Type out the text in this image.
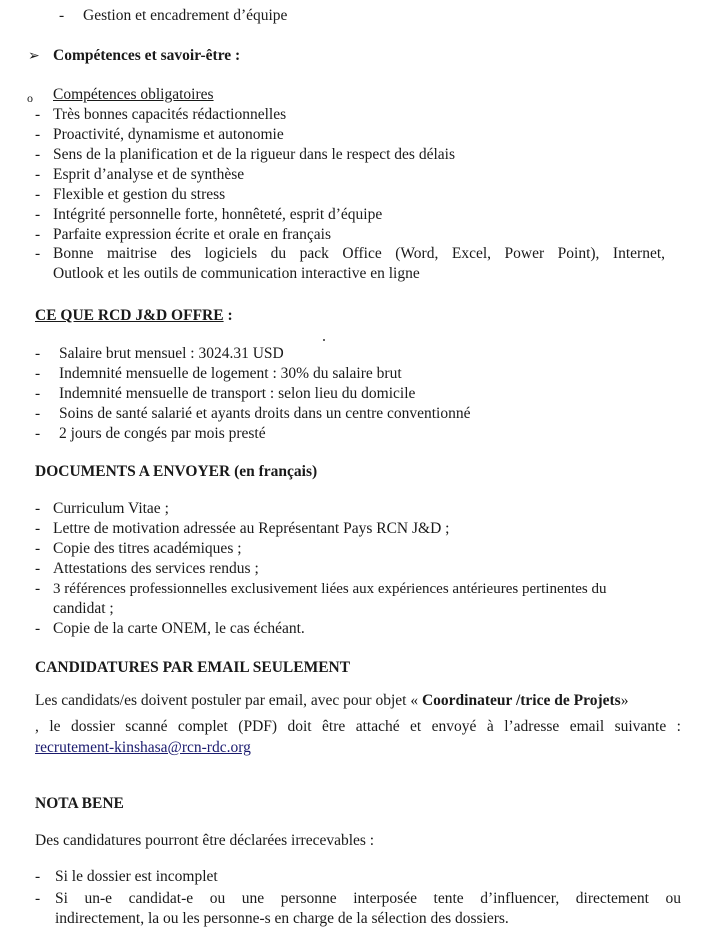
- Gestion et encadrement d’équipe
➢ Compétences et savoir-être :
o Compétences obligatoires
- Très bonnes capacités rédactionnelles
- Proactivité, dynamisme et autonomie
- Sens de la planification et de la rigueur dans le respect des délais
- Esprit d’analyse et de synthèse
- Flexible et gestion du stress
- Intégrité personnelle forte, honnêteté, esprit d’équipe
- Parfaite expression écrite et orale en français
- Bonne maitrise des logiciels du pack Office (Word, Excel, Power Point), Internet,
Outlook et les outils de communication interactive en ligne
CE QUE RCD J&D OFFRE :
- Salaire brut mensuel : 3024.31 USD
- Indemnité mensuelle de logement : 30% du salaire brut
- Indemnité mensuelle de transport : selon lieu du domicile
- Soins de santé salarié et ayants droits dans un centre conventionné
- 2 jours de congés par mois presté
DOCUMENTS A ENVOYER (en français)
- Curriculum Vitae ;
- Lettre de motivation adressée au Représentant Pays RCN J&D ;
- Copie des titres académiques ;
- Attestations des services rendus ;
- 3 références professionnelles exclusivement liées aux expériences antérieures pertinentes du
candidat ;
- Copie de la carte ONEM, le cas échéant.
CANDIDATURES PAR EMAIL SEULEMENT
Les candidats/es doivent postuler par email, avec pour objet « Coordinateur /trice de Projets»
, le dossier scanné complet (PDF) doit être attaché et envoyé à l’adresse email suivante :
recrutement-kinshasa@rcn-rdc.org
NOTA BENE
Des candidatures pourront être déclarées irrecevables :
- Si le dossier est incomplet
- Si un-e candidat-e ou une personne interposée tente d’influencer, directement ou
indirectement, la ou les personne-s en charge de la sélection des dossiers.
